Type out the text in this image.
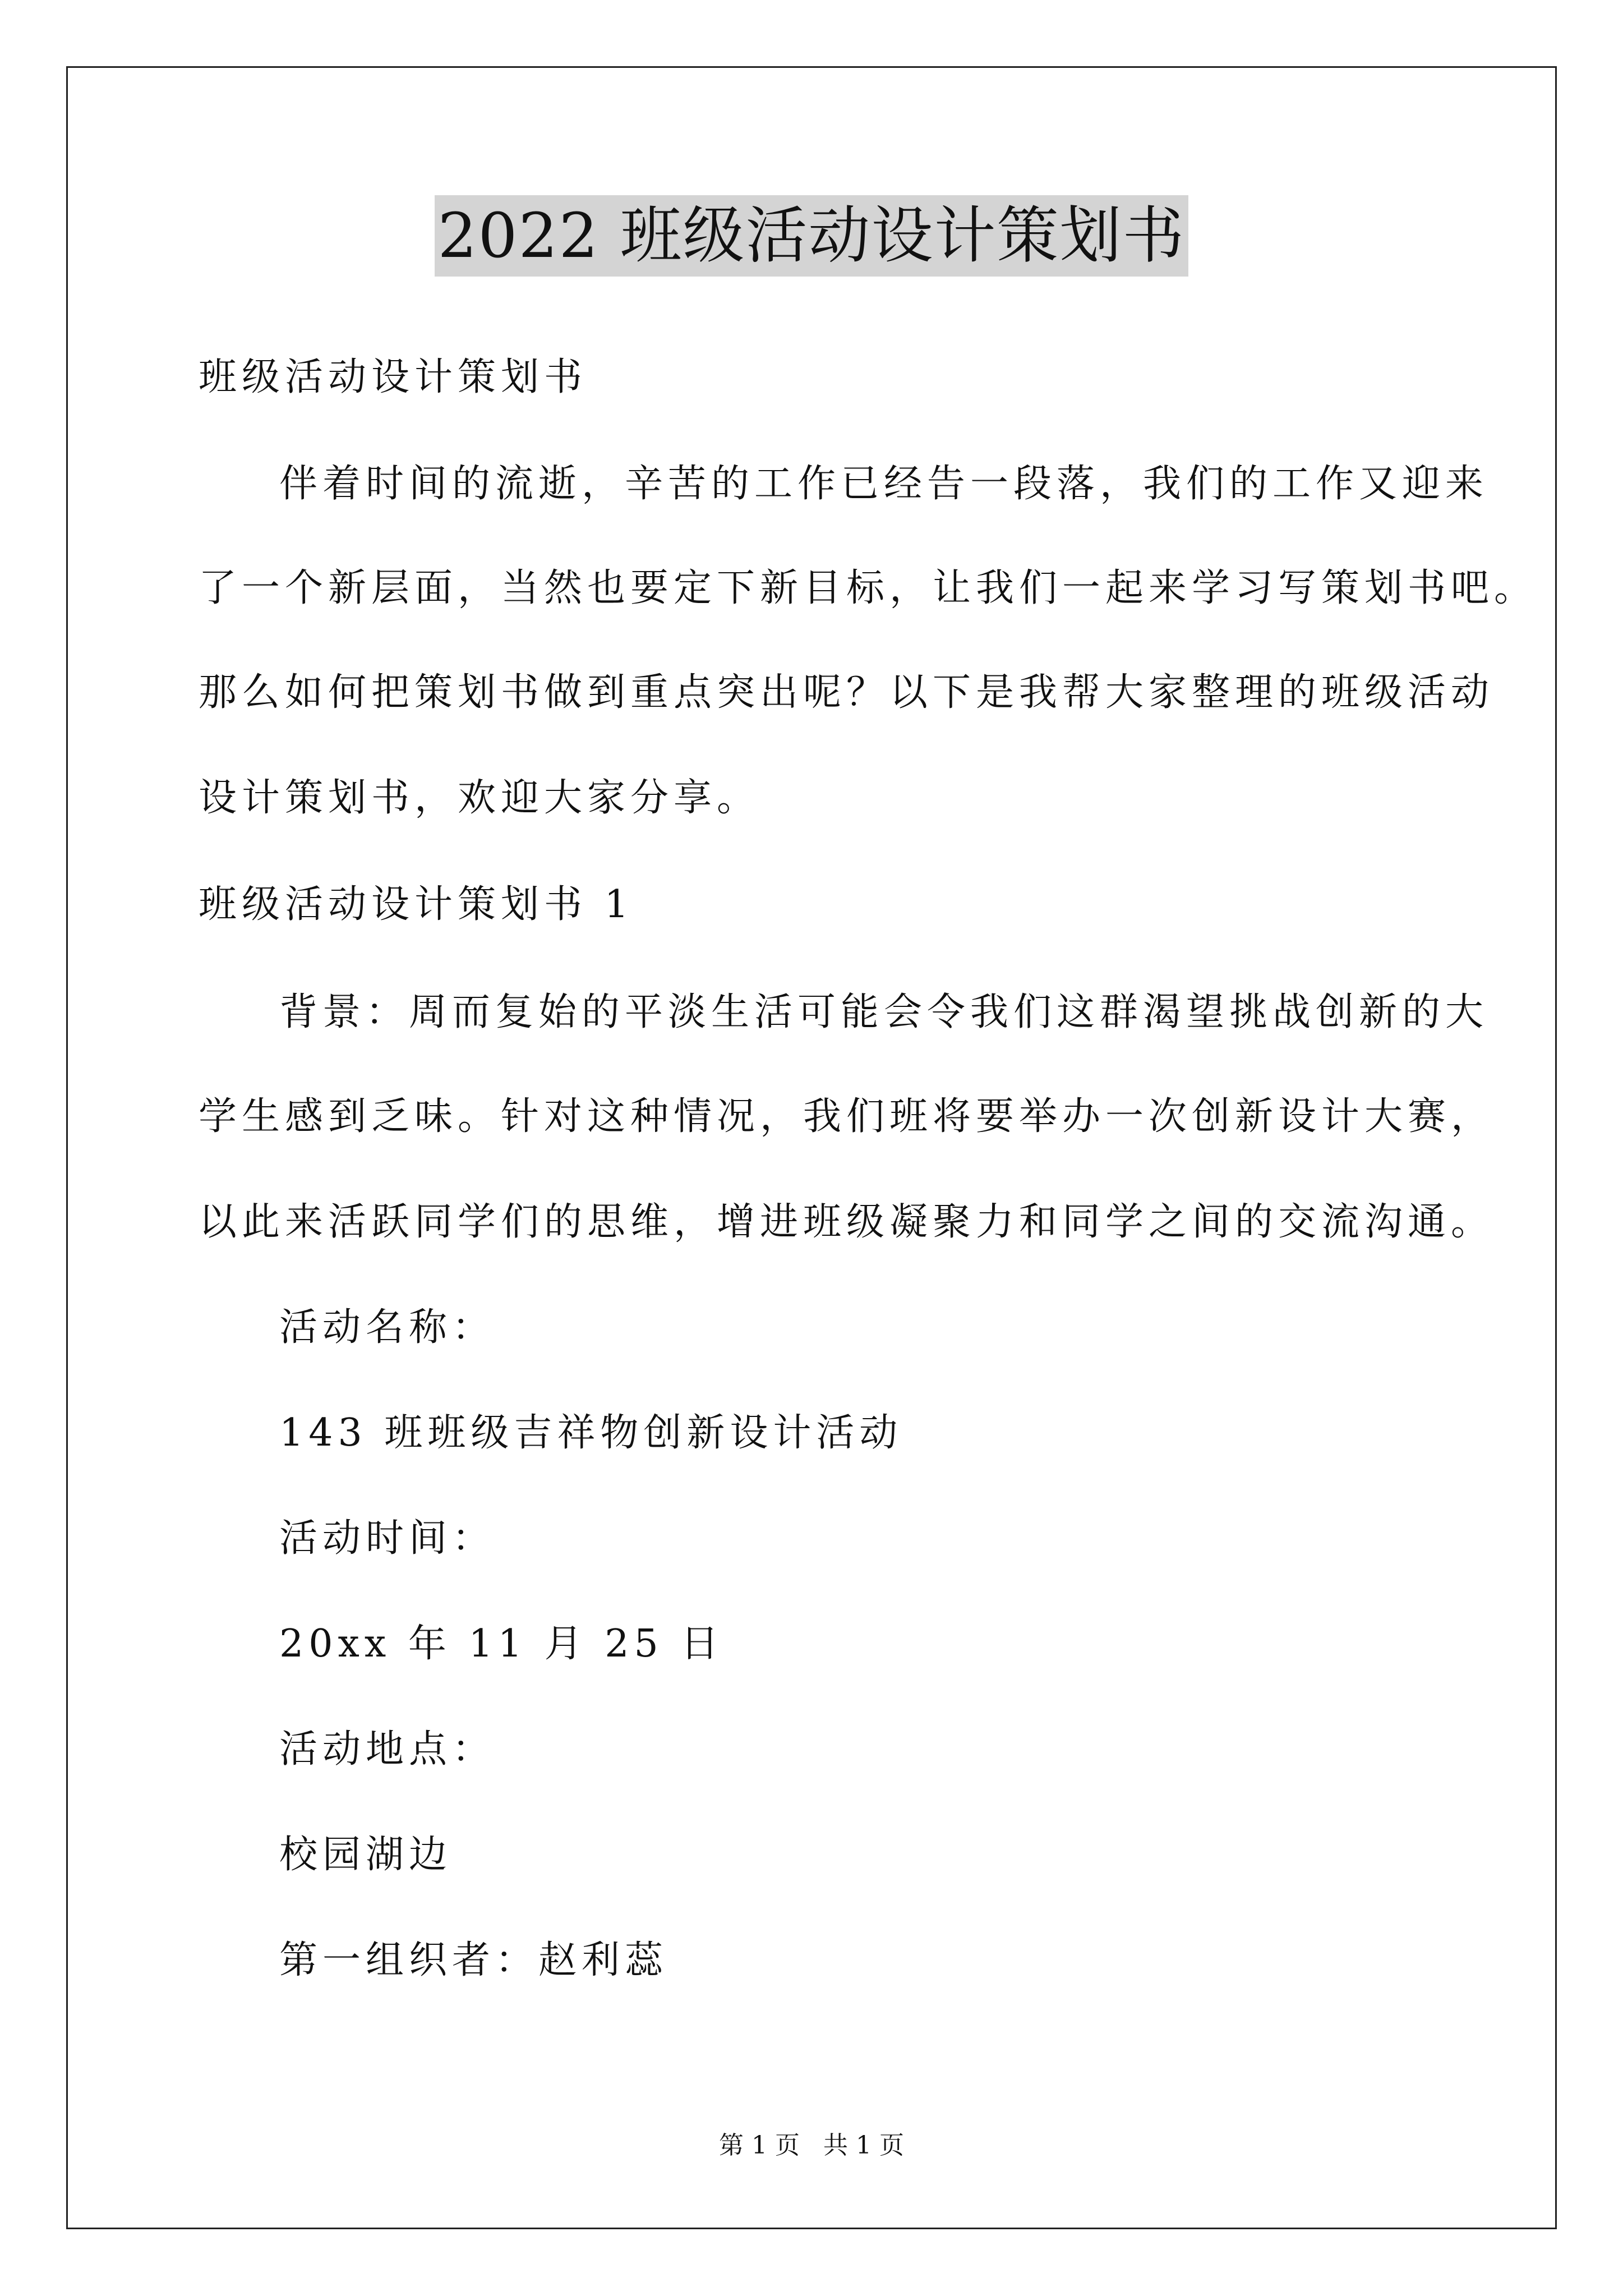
2022 班级活动设计策划书
班级活动设计策划书
伴着时间的流逝，辛苦的工作已经告一段落，我们的工作又迎来
了一个新层面，当然也要定下新目标，让我们一起来学习写策划书吧。
那么如何把策划书做到重点突出呢？以下是我帮大家整理的班级活动
设计策划书，欢迎大家分享。
班级活动设计策划书 1
背景：周而复始的平淡生活可能会令我们这群渴望挑战创新的大
学生感到乏味。针对这种情况，我们班将要举办一次创新设计大赛，
以此来活跃同学们的思维，增进班级凝聚力和同学之间的交流沟通。
活动名称：
143 班班级吉祥物创新设计活动
活动时间：
20xx 年 11 月 25 日
活动地点：
校园湖边
第一组织者：赵利蕊
第 1 页   共 1 页
